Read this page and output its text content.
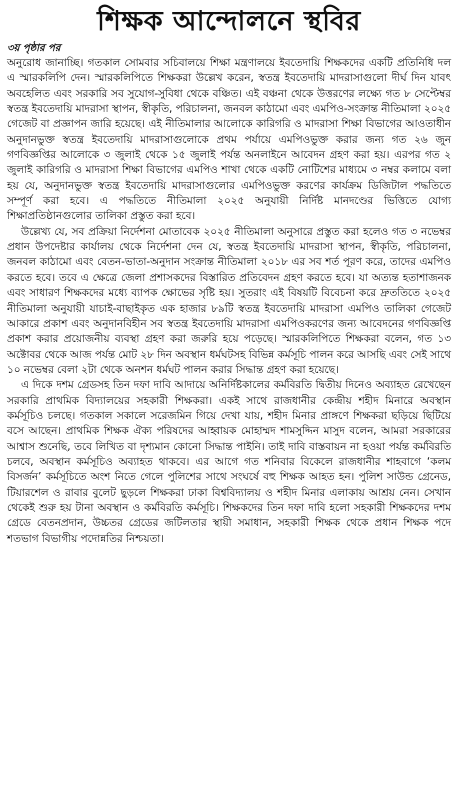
শিক্ষক আন্দোলনে স্থবির

৩য় পৃষ্ঠার পর

অনুরোধ জানাচ্ছি। গতকাল সোমবার সচিবালয়ে শিক্ষা মন্ত্রণালয়ে ইবতেদায়ি শিক্ষকদের একটি প্রতিনিধি দল এ স্মারকলিপি দেন। স্মারকলিপিতে শিক্ষকরা উল্লেখ করেন, স্বতন্ত্র ইবতেদায়ি মাদরাসাগুলো দীর্ঘ দিন যাবৎ অবহেলিত এবং সরকারি সব সুযোগ-সুবিধা থেকে বঞ্চিত। এই বঞ্চনা থেকে উত্তরণের লক্ষ্যে গত ৮ সেপ্টেম্বর স্বতন্ত্র ইবতেদায়ি মাদরাসা স্থাপন, স্বীকৃতি, পরিচালনা, জনবল কাঠামো এবং এমপিও-সংক্রান্ত নীতিমালা ২০২৫ গেজেট বা প্রজ্ঞাপন জারি হয়েছে। এই নীতিমালার আলোকে কারিগরি ও মাদরাসা শিক্ষা বিভাগের আওতাধীন অনুদানভুক্ত স্বতন্ত্র ইবতেদায়ি মাদরাসাগুলোকে প্রথম পর্যায়ে এমপিওভুক্ত করার জন্য গত ২৬ জুন গণবিজ্ঞপ্তির আলোকে ৩ জুলাই থেকে ১৫ জুলাই পর্যন্ত অনলাইনে আবেদন গ্রহণ করা হয়। এরপর গত ২ জুলাই কারিগরি ও মাদরাসা শিক্ষা বিভাগের এমপিও শাখা থেকে একটি নোটিশের মাধ্যমে ৩ নম্বর কলামে বলা হয় যে, অনুদানভুক্ত স্বতন্ত্র ইবতেদায়ি মাদরাসাগুলোর এমপিওভুক্ত করণের কার্যক্রম ডিজিটাল পদ্ধতিতে সম্পূর্ণ করা হবে। এ পদ্ধতিতে নীতিমালা ২০২৫ অনুযায়ী নির্দিষ্ট মানদণ্ডের ভিত্তিতে যোগ্য শিক্ষাপ্রতিষ্ঠানগুলোর তালিকা প্রস্তুত করা হবে।

উল্লেখ্য যে, সব প্রক্রিয়া নির্দেশনা মোতাবেক ২০২৫ নীতিমালা অনুসারে প্রস্তুত করা হলেও গত ৩ নভেম্বর প্রধান উপদেষ্টার কার্যালয় থেকে নির্দেশনা দেন যে, স্বতন্ত্র ইবতেদায়ি মাদরাসা স্থাপন, স্বীকৃতি, পরিচালনা, জনবল কাঠামো এবং বেতন-ভাতা-অনুদান সংক্রান্ত নীতিমালা ২০১৮ এর সব শর্ত পূরণ করে, তাদের এমপিও করতে হবে। তবে এ ক্ষেত্রে জেলা প্রশাসকদের বিস্তারিত প্রতিবেদন গ্রহণ করতে হবে। যা অত্যন্ত হতাশাজনক এবং সাধারণ শিক্ষকদের মধ্যে ব্যাপক ক্ষোভের সৃষ্টি হয়। সুতরাং এই বিষয়টি বিবেচনা করে দ্রুততিতে ২০২৫ নীতিমালা অনুযায়ী যাচাই-বাছাইকৃত এক হাজার ৮৯টি স্বতন্ত্র ইবতেদায়ি মাদরাসা এমপিও তালিকা গেজেট আকারে প্রকাশ এবং অনুদানবিহীন সব স্বতন্ত্র ইবতেদায়ি মাদরাসা এমপিওকরণের জন্য আবেদনের গণবিজ্ঞপ্তি প্রকাশ করার প্রয়োজনীয় ব্যবস্থা গ্রহণ করা জরুরি হয়ে পড়েছে। স্মারকলিপিতে শিক্ষকরা বলেন, গত ১৩ অক্টোবর থেকে আজ পর্যন্ত মোট ২৮ দিন অবস্থান ধর্মঘটসহ বিভিন্ন কর্মসূচি পালন করে আসছি এবং সেই সাথে ১০ নভেম্বর বেলা ২টা থেকে অনশন ধর্মঘট পালন করার সিদ্ধান্ত গ্রহণ করা হয়েছে।

এ দিকে দশম গ্রেডসহ তিন দফা দাবি আদায়ে অনির্দিষ্টকালের কর্মবিরতি দ্বিতীয় দিনেও অব্যাহত রেখেছেন সরকারি প্রাথমিক বিদ্যালয়ের সহকারী শিক্ষকরা। একই সাথে রাজধানীর কেন্দ্রীয় শহীদ মিনারে অবস্থান কর্মসূচিও চলছে। গতকাল সকালে সরেজমিন গিয়ে দেখা যায়, শহীদ মিনার প্রাঙ্গণে শিক্ষকরা ছড়িয়ে ছিটিয়ে বসে আছেন। প্রাথমিক শিক্ষক ঐক্য পরিষদের আহ্বায়ক মোহাম্মদ শামসুদ্দিন মাসুদ বলেন, আমরা সরকারের আশ্বাস শুনেছি, তবে লিখিত বা দৃশ্যমান কোনো সিদ্ধান্ত পাইনি। তাই দাবি বাস্তবায়ন না হওয়া পর্যন্ত কর্মবিরতি চলবে, অবস্থান কর্মসূচিও অব্যাহত থাকবে। এর আগে গত শনিবার বিকেলে রাজধানীর শাহবাগে ‘কলম বিসর্জন’ কর্মসূচিতে অংশ নিতে গেলে পুলিশের সাথে সংঘর্ষে বহু শিক্ষক আহত হন। পুলিশ সাউন্ড গ্রেনেড, টিয়ারশেল ও রাবার বুলেট ছুড়লে শিক্ষকরা ঢাকা বিশ্ববিদ্যালয় ও শহীদ মিনার এলাকায় আশ্রয় নেন। সেখান থেকেই শুরু হয় টানা অবস্থান ও কর্মবিরতি কর্মসূচি। শিক্ষকদের তিন দফা দাবি হলো সহকারী শিক্ষকদের দশম গ্রেডে বেতনপ্রদান, উচ্চতর গ্রেডের জটিলতার স্থায়ী সমাধান, সহকারী শিক্ষক থেকে প্রধান শিক্ষক পদে শতভাগ বিভাগীয় পদোন্নতির নিশ্চয়তা।
